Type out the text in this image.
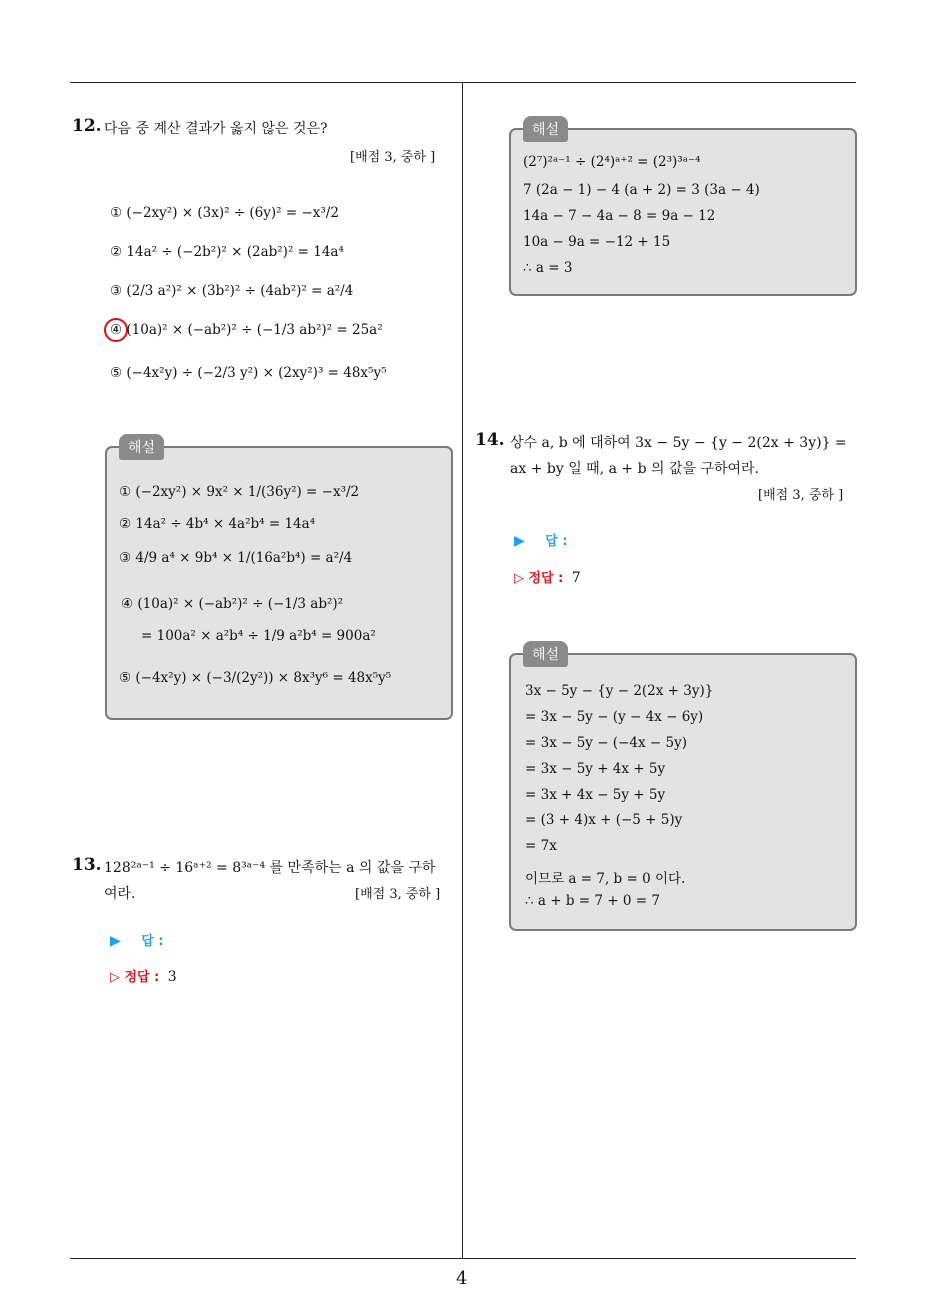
12. 다음 중 계산 결과가 옳지 않은 것은?
[배점 3, 중하 ]
① (−2xy²) × (3x)² ÷ (6y)² = −x³/2
② 14a² ÷ (−2b²)² × (2ab²)² = 14a⁴
③ (2/3 a²)² × (3b²)² ÷ (4ab²)² = a²/4
④ (10a)² × (−ab²)² ÷ (−1/3 ab²)² = 25a²
⑤ (−4x²y) ÷ (−2/3 y²) × (2xy²)³ = 48x⁵y⁵
① (−2xy²) × 9x² × 1/(36y²) = −x³/2
② 14a² ÷ 4b⁴ × 4a²b⁴ = 14a⁴
③ 4/9 a⁴ × 9b⁴ × 1/(16a²b⁴) = a²/4
④ (10a)² × (−ab²)² ÷ (−1/3 ab²)²
= 100a² × a²b⁴ ÷ 1/9 a²b⁴ = 900a²
⑤ (−4x²y) × (−3/(2y²)) × 8x³y⁶ = 48x⁵y⁵
해설
13. 128²ᵃ⁻¹ ÷ 16ᵃ⁺² = 8³ᵃ⁻⁴ 를 만족하는 a 의 값을 구하
여라.	[배점 3, 중하 ]
▶ 답 :
▷ 정답 : 3
(2⁷)²ᵃ⁻¹ ÷ (2⁴)ᵃ⁺² = (2³)³ᵃ⁻⁴
7 (2a − 1) − 4 (a + 2) = 3 (3a − 4)
14a − 7 − 4a − 8 = 9a − 12
10a − 9a = −12 + 15
∴ a = 3
해설
14. 상수 a, b 에 대하여 3x − 5y − {y − 2(2x + 3y)} =
ax + by 일 때, a + b 의 값을 구하여라.
[배점 3, 중하 ]
▶ 답 :
▷ 정답 : 7
3x − 5y − {y − 2(2x + 3y)}
= 3x − 5y − (y − 4x − 6y)
= 3x − 5y − (−4x − 5y)
= 3x − 5y + 4x + 5y
= 3x + 4x − 5y + 5y
= (3 + 4)x + (−5 + 5)y
= 7x
이므로 a = 7, b = 0 이다.
∴ a + b = 7 + 0 = 7
해설
4
